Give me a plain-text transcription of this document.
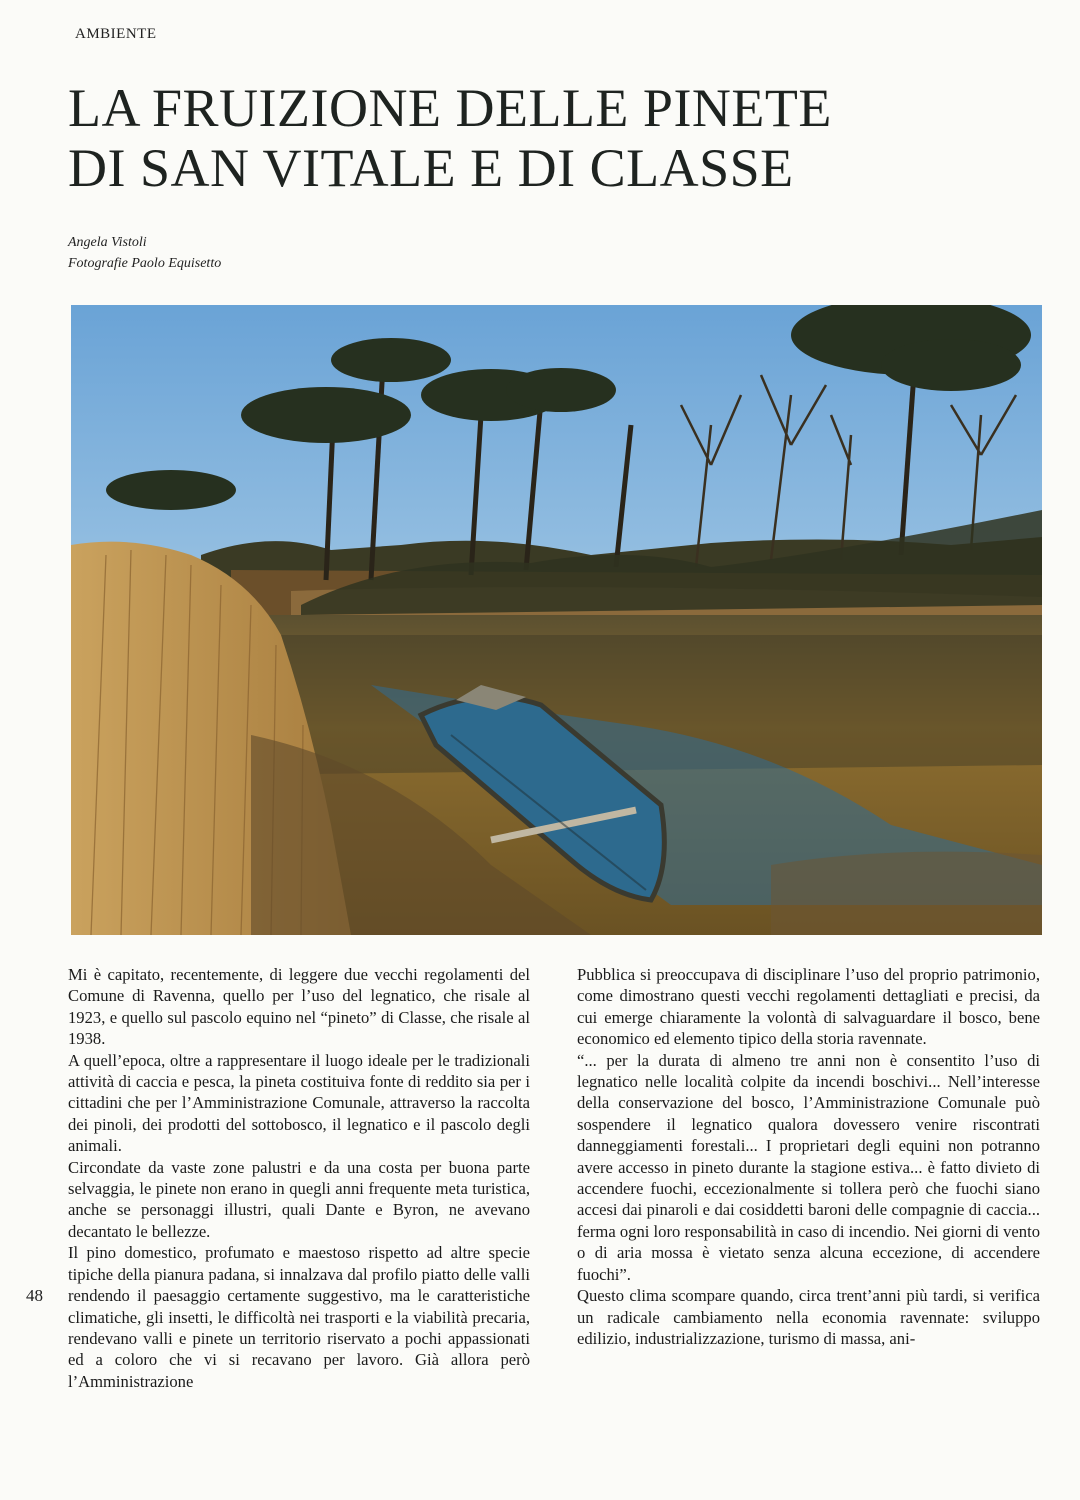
AMBIENTE
LA FRUIZIONE DELLE PINETE
DI SAN VITALE E DI CLASSE
Angela Vistoli
Fotografie Paolo Equisetto

Mi è capitato, recentemente, di leggere due vecchi regolamenti del Comune di Ravenna, quello per l’uso del legnatico, che risale al 1923, e quello sul pascolo equino nel “pineto” di Classe, che risale al 1938.

A quell’epoca, oltre a rappresentare il luogo ideale per le tradizionali attività di caccia e pesca, la pineta costituiva fonte di reddito sia per i cittadini che per l’Amministrazione Comunale, attraverso la raccolta dei pinoli, dei prodotti del sottobosco, il legnatico e il pascolo degli animali.

Circondate da vaste zone palustri e da una costa per buona parte selvaggia, le pinete non erano in quegli anni frequente meta turistica, anche se personaggi illustri, quali Dante e Byron, ne avevano decantato le bellezze.

Il pino domestico, profumato e maestoso rispetto ad altre specie tipiche della pianura padana, si innalzava dal profilo piatto delle valli rendendo il paesaggio certamente suggestivo, ma le caratteristiche climatiche, gli insetti, le difficoltà nei trasporti e la viabilità precaria, rendevano valli e pinete un territorio riservato a pochi appassionati ed a coloro che vi si recavano per lavoro. Già allora però l’Amministrazione

Pubblica si preoccupava di disciplinare l’uso del proprio patrimonio, come dimostrano questi vecchi regolamenti dettagliati e precisi, da cui emerge chiaramente la volontà di salvaguardare il bosco, bene economico ed elemento tipico della storia ravennate.

“... per la durata di almeno tre anni non è consentito l’uso di legnatico nelle località colpite da incendi boschivi... Nell’interesse della conservazione del bosco, l’Amministrazione Comunale può sospendere il legnatico qualora dovessero venire riscontrati danneggiamenti forestali... I proprietari degli equini non potranno avere accesso in pineto durante la stagione estiva... è fatto divieto di accendere fuochi, eccezionalmente si tollera però che fuochi siano accesi dai pinaroli e dai cosiddetti baroni delle compagnie di caccia... ferma ogni loro responsabilità in caso di incendio. Nei giorni di vento o di aria mossa è vietato senza alcuna eccezione, di accendere fuochi”.

Questo clima scompare quando, circa trent’anni più tardi, si verifica un radicale cambiamento nella economia ravennate: sviluppo edilizio, industrializzazione, turismo di massa, ani-

48
